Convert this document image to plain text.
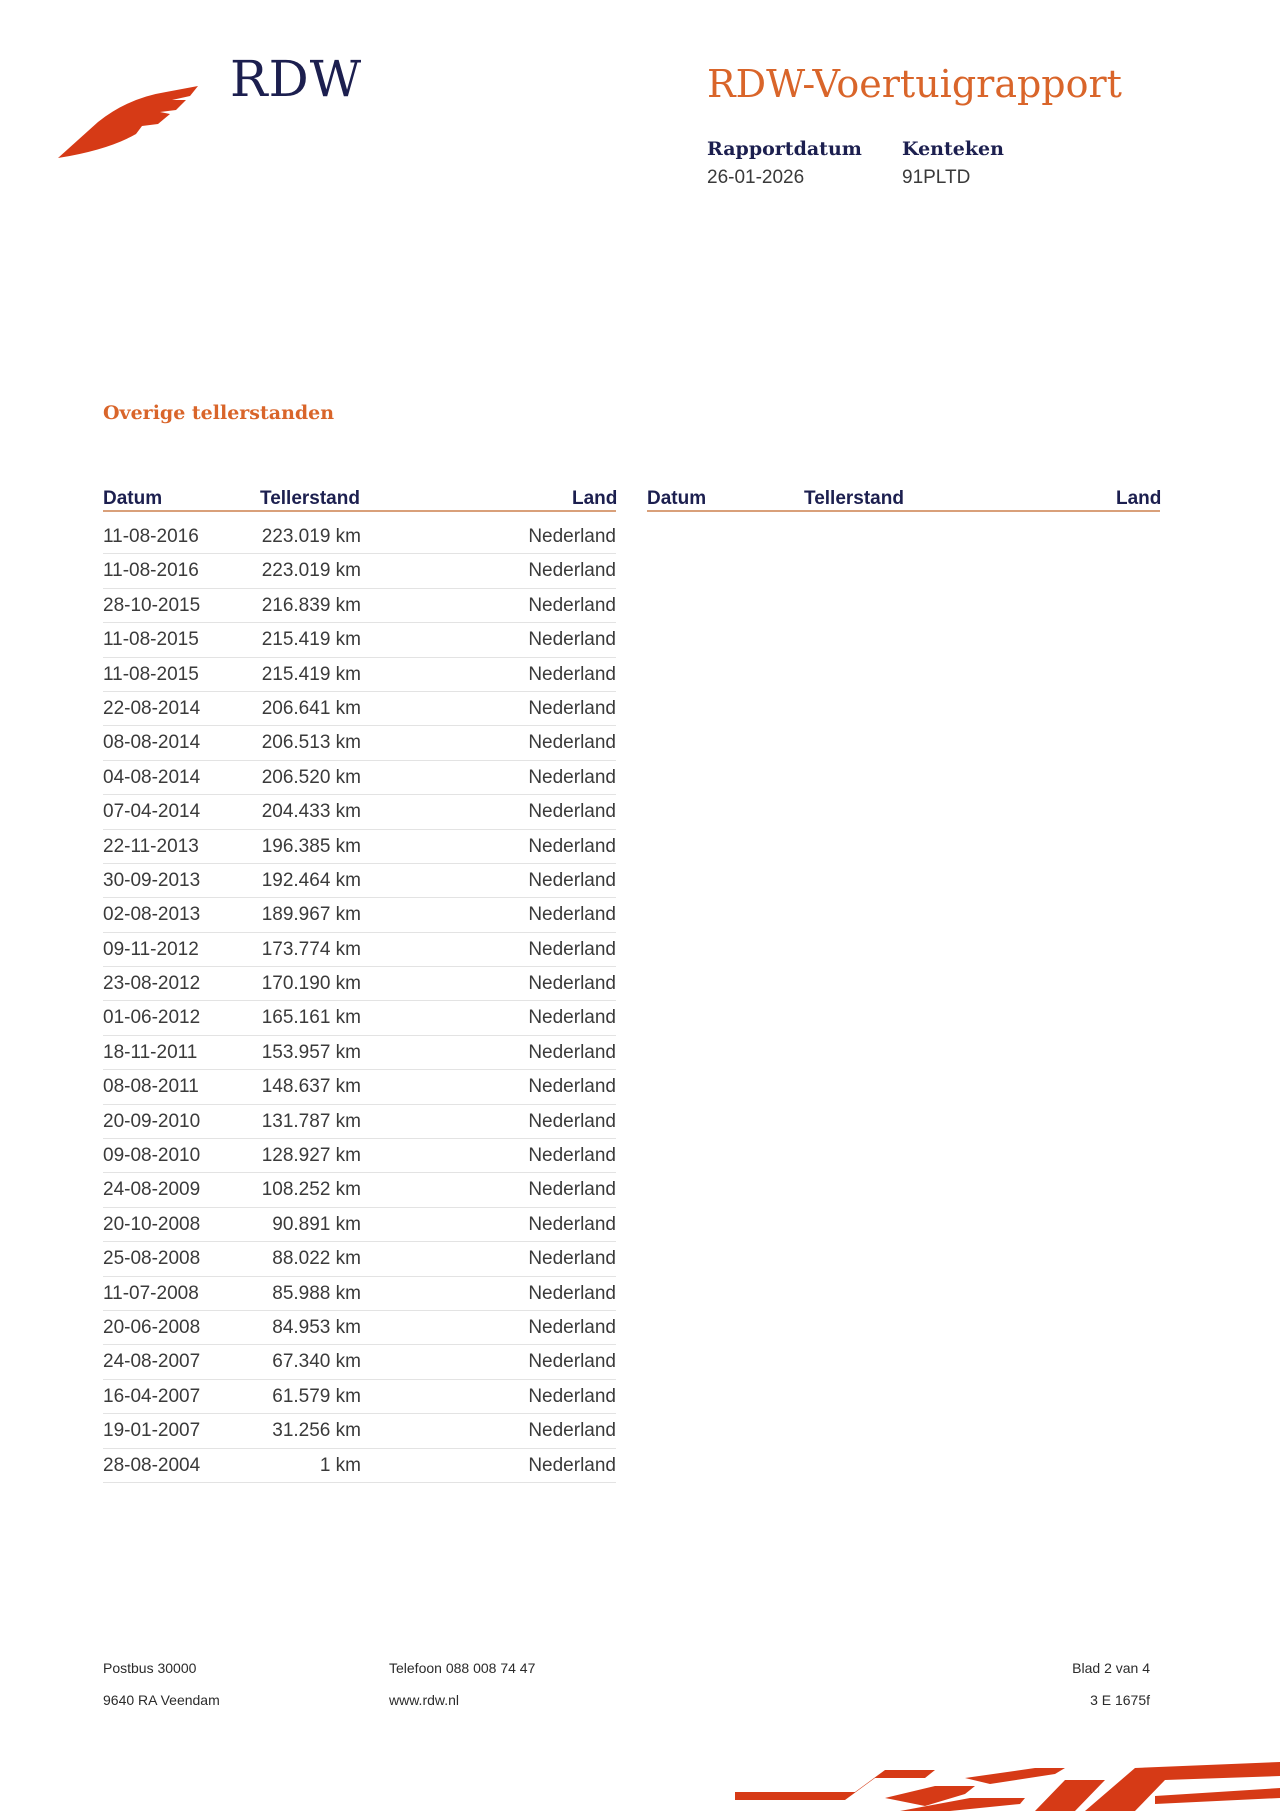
RDW	RDW-Voertuigrapport
Rapportdatum
26-01-2026
Kenteken
91PLTD
Overige tellerstanden
Datum	Tellerstand	Land Datum	Tellerstand	Land
11-08-2016	223.019 km	Nederland
11-08-2016	223.019 km	Nederland
28-10-2015	216.839 km	Nederland
11-08-2015	215.419 km	Nederland
11-08-2015	215.419 km	Nederland
22-08-2014	206.641 km	Nederland
08-08-2014	206.513 km	Nederland
04-08-2014	206.520 km	Nederland
07-04-2014	204.433 km	Nederland
22-11-2013	196.385 km	Nederland
30-09-2013	192.464 km	Nederland
02-08-2013	189.967 km	Nederland
09-11-2012	173.774 km	Nederland
23-08-2012	170.190 km	Nederland
01-06-2012	165.161 km	Nederland
18-11-2011	153.957 km	Nederland
08-08-2011	148.637 km	Nederland
20-09-2010	131.787 km	Nederland
09-08-2010	128.927 km	Nederland
24-08-2009	108.252 km	Nederland
20-10-2008	90.891 km	Nederland
25-08-2008	88.022 km	Nederland
11-07-2008	85.988 km	Nederland
20-06-2008	84.953 km	Nederland
24-08-2007	67.340 km	Nederland
16-04-2007	61.579 km	Nederland
19-01-2007	31.256 km	Nederland
28-08-2004	1 km	Nederland
Postbus 30000
9640 RA Veendam
Telefoon 088 008 74 47
www.rdw.nl
Blad 2 van 4
3 E 1675f
